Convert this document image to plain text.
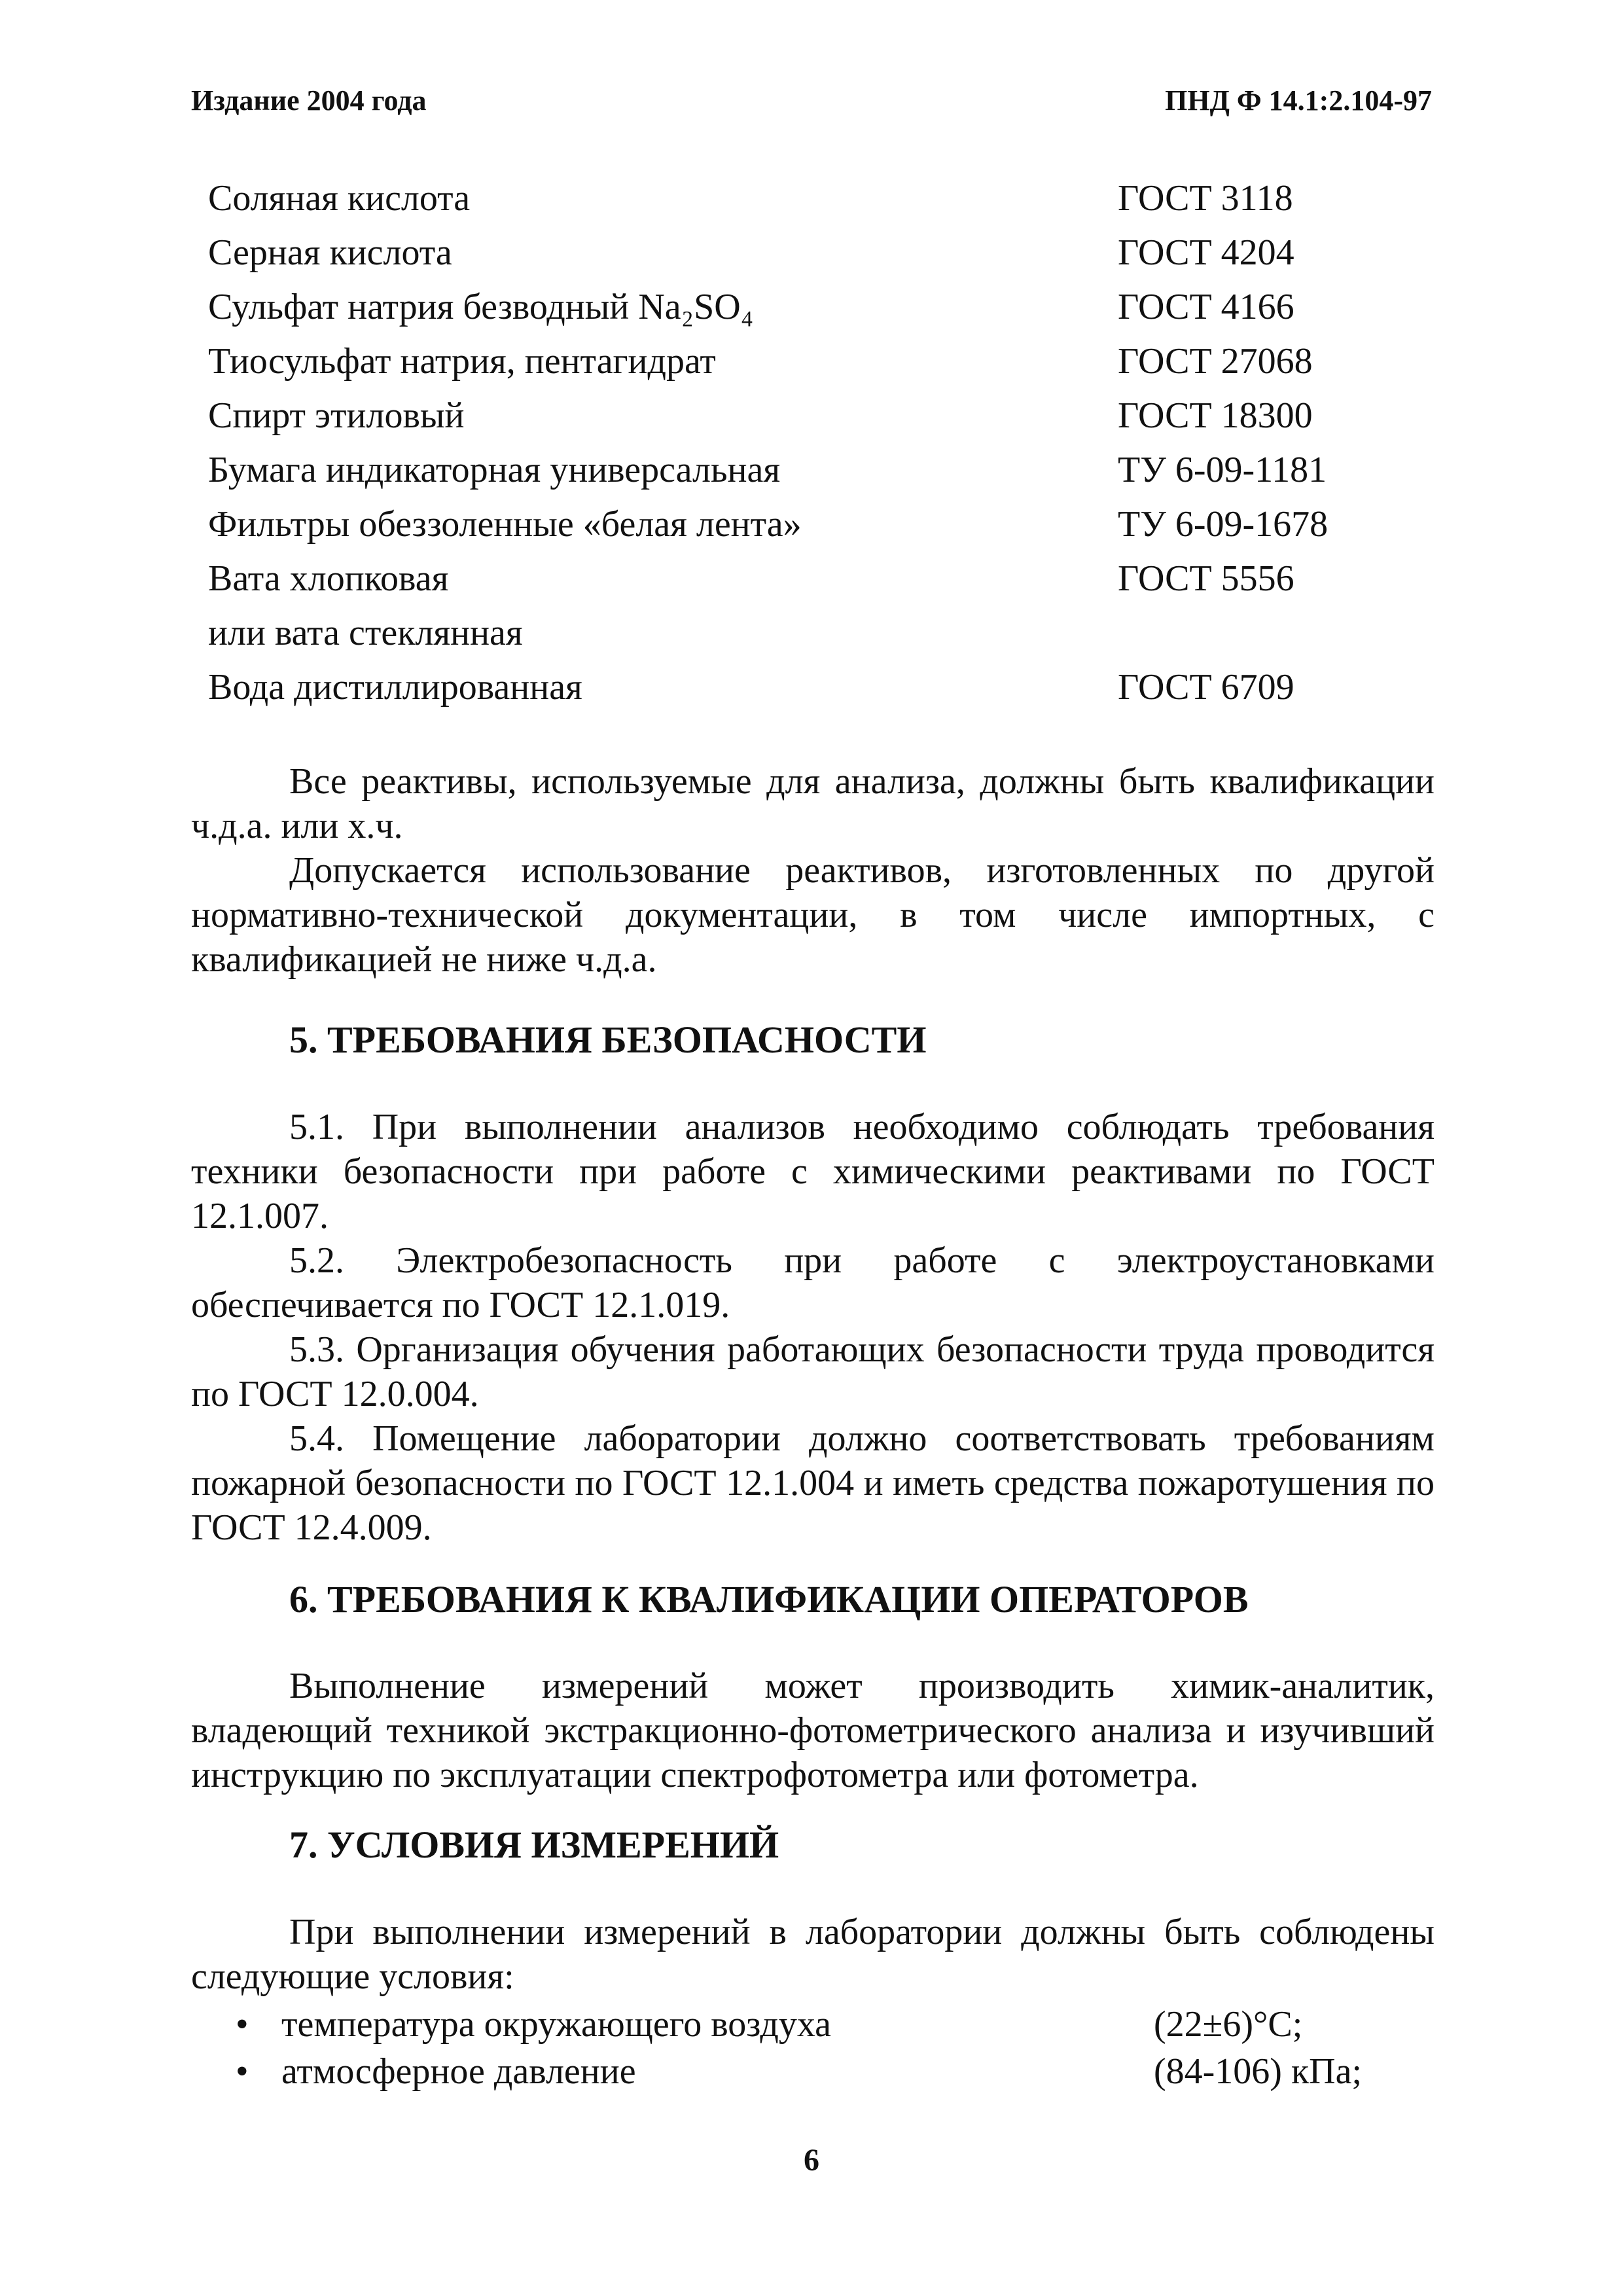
Издание 2004 года	ПНД Ф 14.1:2.104-97
Соляная кислота	ГОСТ 3118
Серная кислота	ГОСТ 4204
Сульфат натрия безводный Na₂SO₄	ГОСТ 4166
Тиосульфат натрия, пентагидрат	ГОСТ 27068
Спирт этиловый	ГОСТ 18300
Бумага индикаторная универсальная	ТУ 6-09-1181
Фильтры обеззоленные «белая лента»	ТУ 6-09-1678
Вата хлопковая	ГОСТ 5556
или вата стеклянная
Вода дистиллированная	ГОСТ 6709

Все реактивы, используемые для анализа, должны быть квалификации ч.д.а. или х.ч.

Допускается использование реактивов, изготовленных по другой нормативно-технической документации, в том числе импортных, с квалификацией не ниже ч.д.а.

5. ТРЕБОВАНИЯ БЕЗОПАСНОСТИ

5.1. При выполнении анализов необходимо соблюдать требования техники безопасности при работе с химическими реактивами по ГОСТ 12.1.007.

5.2. Электробезопасность при работе с электроустановками обеспечивается по ГОСТ 12.1.019.

5.3. Организация обучения работающих безопасности труда проводится по ГОСТ 12.0.004.

5.4. Помещение лаборатории должно соответствовать требованиям пожарной безопасности по ГОСТ 12.1.004 и иметь средства пожаротушения по ГОСТ 12.4.009.

6. ТРЕБОВАНИЯ К КВАЛИФИКАЦИИ ОПЕРАТОРОВ

Выполнение измерений может производить химик-аналитик, владеющий техникой экстракционно-фотометрического анализа и изучивший инструкцию по эксплуатации спектрофотометра или фотометра.

7. УСЛОВИЯ ИЗМЕРЕНИЙ

При выполнении измерений в лаборатории должны быть соблюдены следующие условия:

• температура окружающего воздуха	(22±6)°С;
• атмосферное давление	(84-106) кПа;
6
